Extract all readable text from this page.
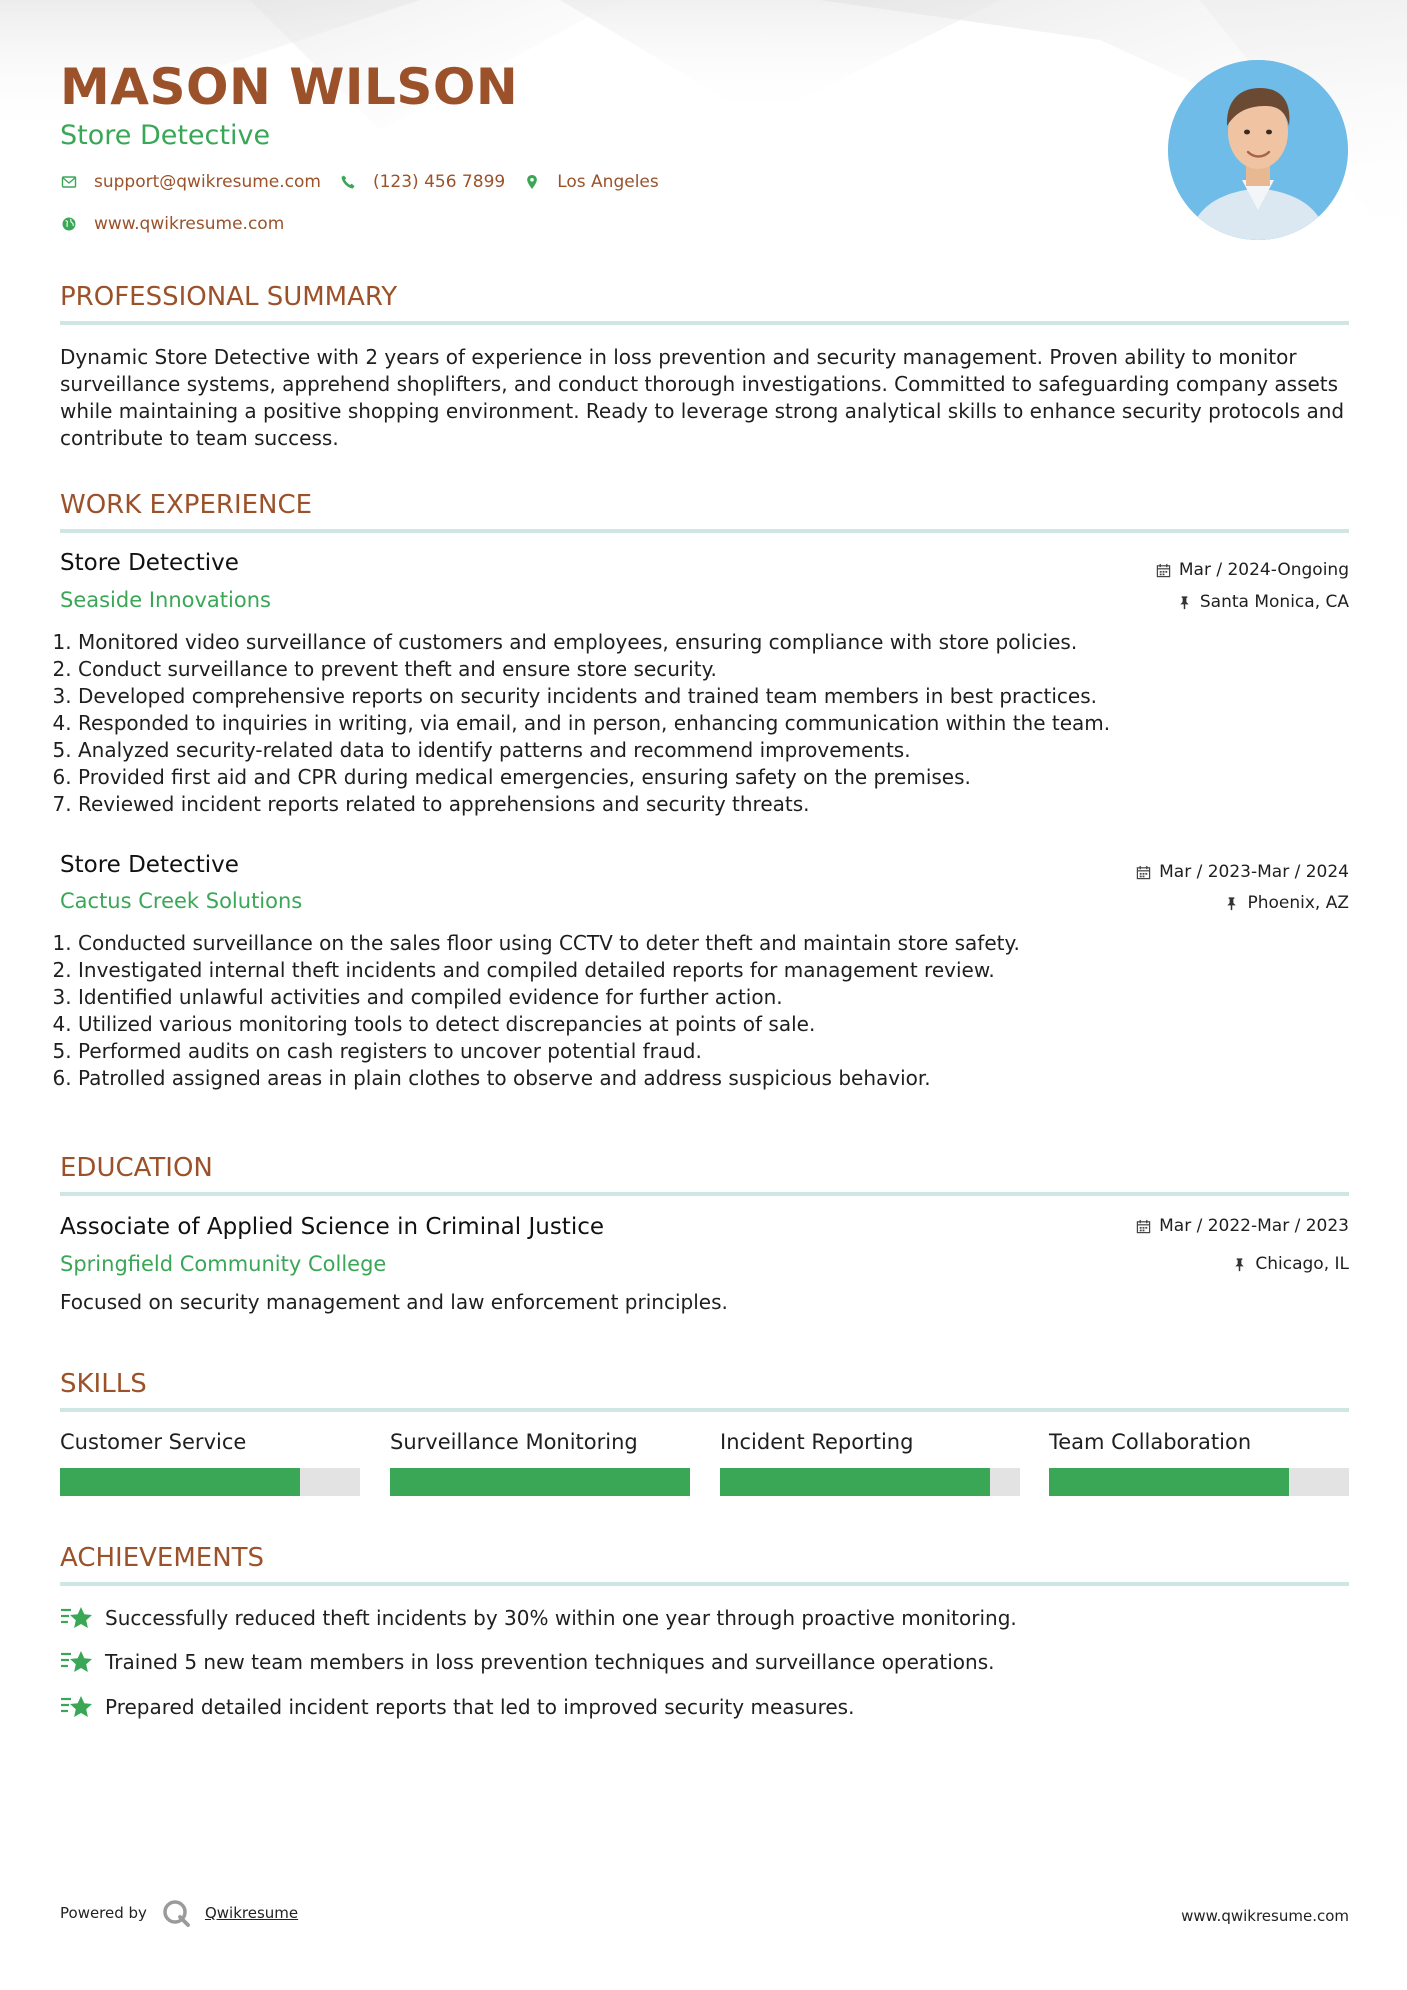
MASON WILSON
Store Detective
support@qwikresume.com	(123) 456 7899	Los Angeles
www.qwikresume.com
PROFESSIONAL SUMMARY
Dynamic Store Detective with 2 years of experience in loss prevention and security management. Proven ability to monitor surveillance systems, apprehend shoplifters, and conduct thorough investigations. Committed to safeguarding company assets while maintaining a positive shopping environment. Ready to leverage strong analytical skills to enhance security protocols and contribute to team success.
WORK EXPERIENCE
Store Detective	Mar / 2024-Ongoing
Seaside Innovations	Santa Monica, CA
1. Monitored video surveillance of customers and employees, ensuring compliance with store policies.
2. Conduct surveillance to prevent theft and ensure store security.
3. Developed comprehensive reports on security incidents and trained team members in best practices.
4. Responded to inquiries in writing, via email, and in person, enhancing communication within the team.
5. Analyzed security-related data to identify patterns and recommend improvements.
6. Provided first aid and CPR during medical emergencies, ensuring safety on the premises.
7. Reviewed incident reports related to apprehensions and security threats.
Store Detective	Mar / 2023-Mar / 2024
Cactus Creek Solutions	Phoenix, AZ
1. Conducted surveillance on the sales floor using CCTV to deter theft and maintain store safety.
2. Investigated internal theft incidents and compiled detailed reports for management review.
3. Identified unlawful activities and compiled evidence for further action.
4. Utilized various monitoring tools to detect discrepancies at points of sale.
5. Performed audits on cash registers to uncover potential fraud.
6. Patrolled assigned areas in plain clothes to observe and address suspicious behavior.
EDUCATION
Associate of Applied Science in Criminal Justice	Mar / 2022-Mar / 2023
Springfield Community College	Chicago, IL
Focused on security management and law enforcement principles.
SKILLS
Customer Service	Surveillance Monitoring	Incident Reporting	Team Collaboration
ACHIEVEMENTS
Successfully reduced theft incidents by 30% within one year through proactive monitoring.
Trained 5 new team members in loss prevention techniques and surveillance operations.
Prepared detailed incident reports that led to improved security measures.
Powered by	Qwikresume	www.qwikresume.com
